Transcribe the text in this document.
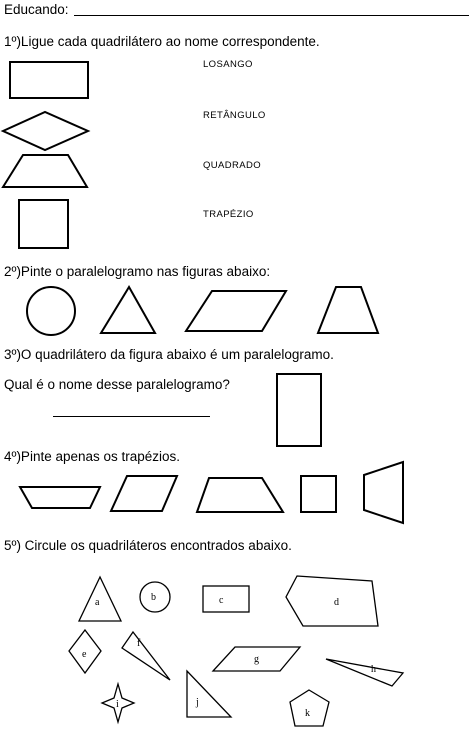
Educando:
1º)Ligue cada quadrilátero ao nome correspondente.
LOSANGO
RETÂNGULO
QUADRADO
TRAPÉZIO
2º)Pinte o paralelogramo nas figuras abaixo:
3º)O quadrilátero da figura abaixo é um paralelogramo.
Qual é o nome desse paralelogramo?
4º)Pinte apenas os trapézios.
5º) Circule os quadriláteros encontrados abaixo.
a	b	c	d
e
f
g
h
i	j
k
